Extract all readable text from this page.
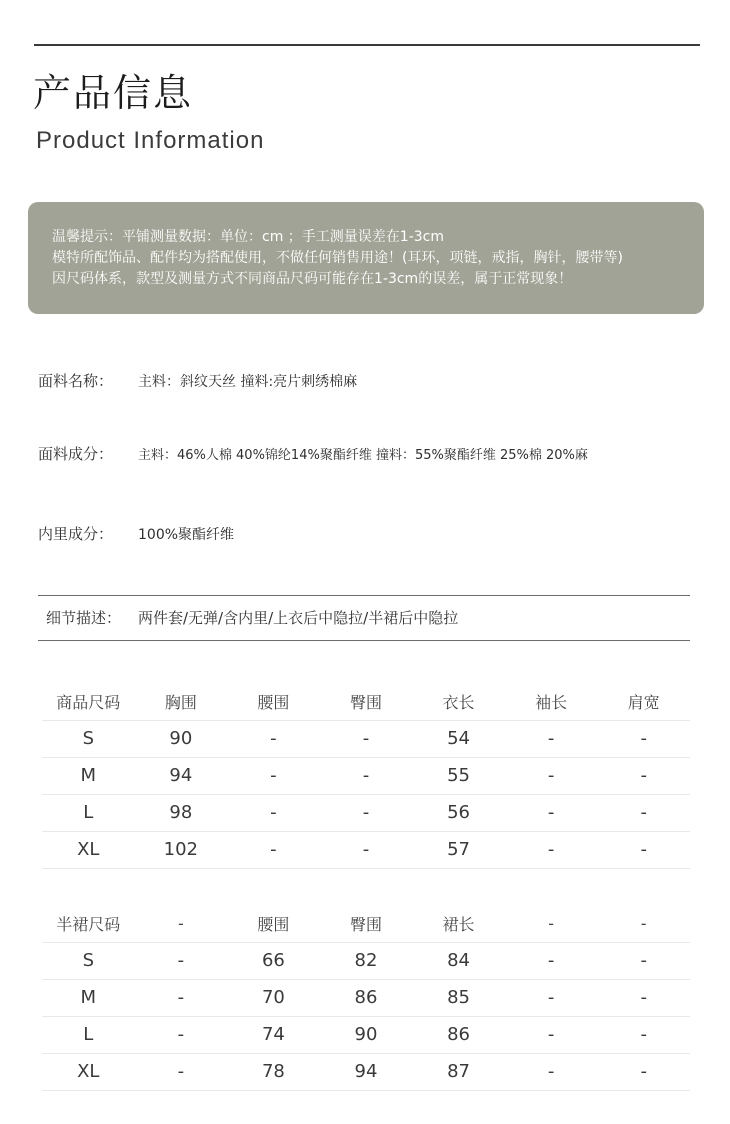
产品信息
Product Information
温馨提示：平铺测量数据：单位：cm ；手工测量误差在1-3cm
模特所配饰品、配件均为搭配使用，不做任何销售用途！(耳环，项链，戒指，胸针，腰带等)
因尺码体系，款型及测量方式不同商品尺码可能存在1-3cm的误差，属于正常现象！
面料名称： 主料：斜纹天丝 撞料:亮片刺绣棉麻
面料成分： 主料：46%人棉 40%锦纶14%聚酯纤维 撞料：55%聚酯纤维 25%棉 20%麻
内里成分： 100%聚酯纤维
细节描述： 两件套/无弹/含内里/上衣后中隐拉/半裙后中隐拉
商品尺码	胸围	腰围	臀围	衣长	袖长	肩宽
S	90	-	-	54	-	-
M	94	-	-	55	-	-
L	98	-	-	56	-	-
XL	102	-	-	57	-	-
半裙尺码	-	腰围	臀围	裙长	-	-
S	-	66	82	84	-	-
M	-	70	86	85	-	-
L	-	74	90	86	-	-
XL	-	78	94	87	-	-
